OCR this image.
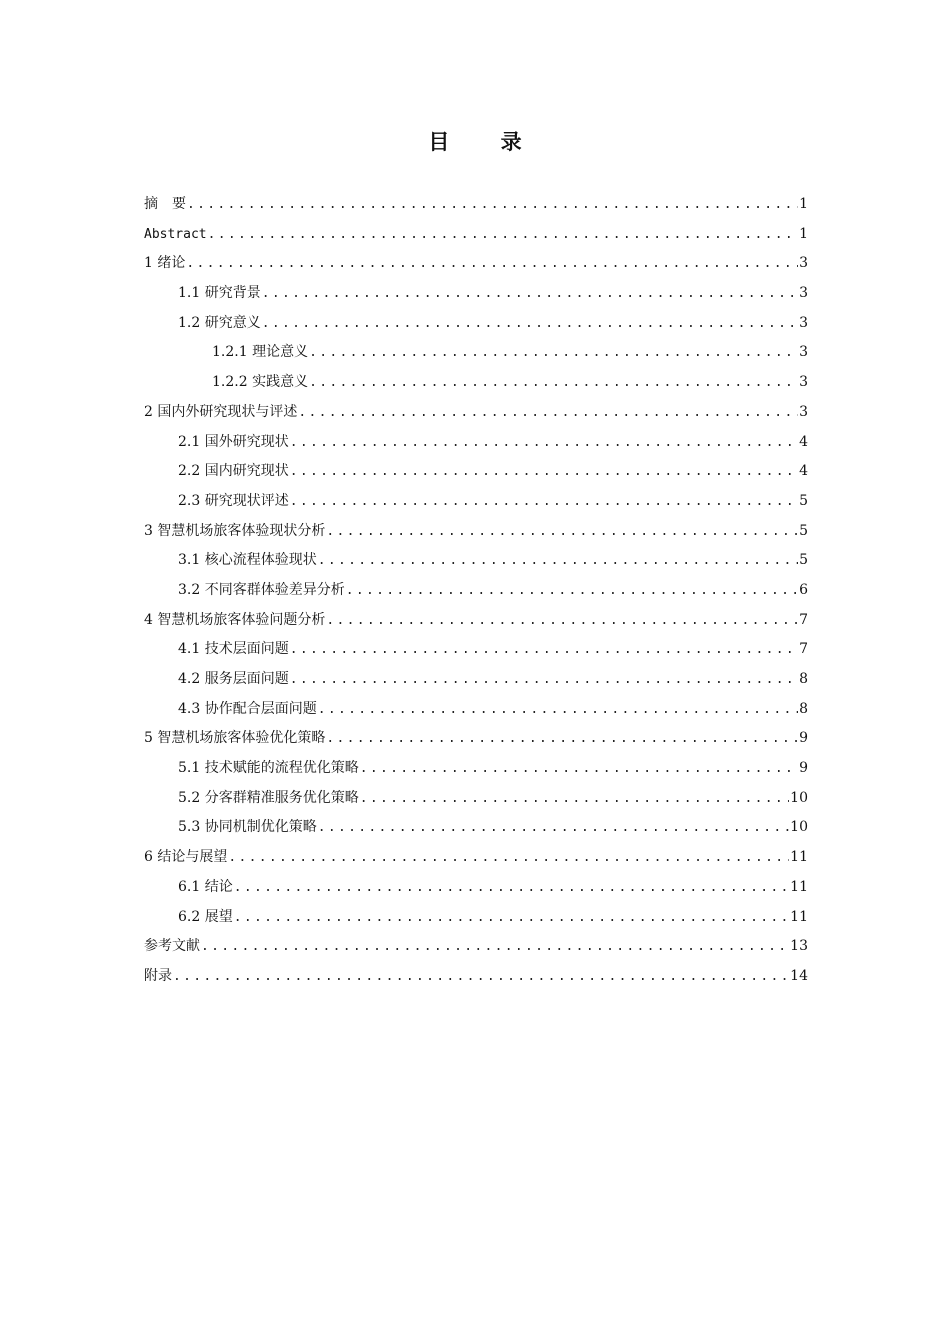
目 录
摘　要 .....	1
Abstract .....	1
1 绪论 .....	3
1.1 研究背景 .....	3
1.2 研究意义 .....	3
1.2.1 理论意义 .....	3
1.2.2 实践意义 .....	3
2 国内外研究现状与评述 .....	3
2.1 国外研究现状 .....	4
2.2 国内研究现状 .....	4
2.3 研究现状评述 .....	5
3 智慧机场旅客体验现状分析 .....	5
3.1 核心流程体验现状 .....	5
3.2 不同客群体验差异分析 .....	6
4 智慧机场旅客体验问题分析 .....	7
4.1 技术层面问题 .....	7
4.2 服务层面问题 .....	8
4.3 协作配合层面问题 .....	8
5 智慧机场旅客体验优化策略 .....	9
5.1 技术赋能的流程优化策略 .....	9
5.2 分客群精准服务优化策略 .....	10
5.3 协同机制优化策略 .....	10
6 结论与展望 .....	11
6.1 结论 .....	11
6.2 展望 .....	11
参考文献 .....	13
附录 .....	14
